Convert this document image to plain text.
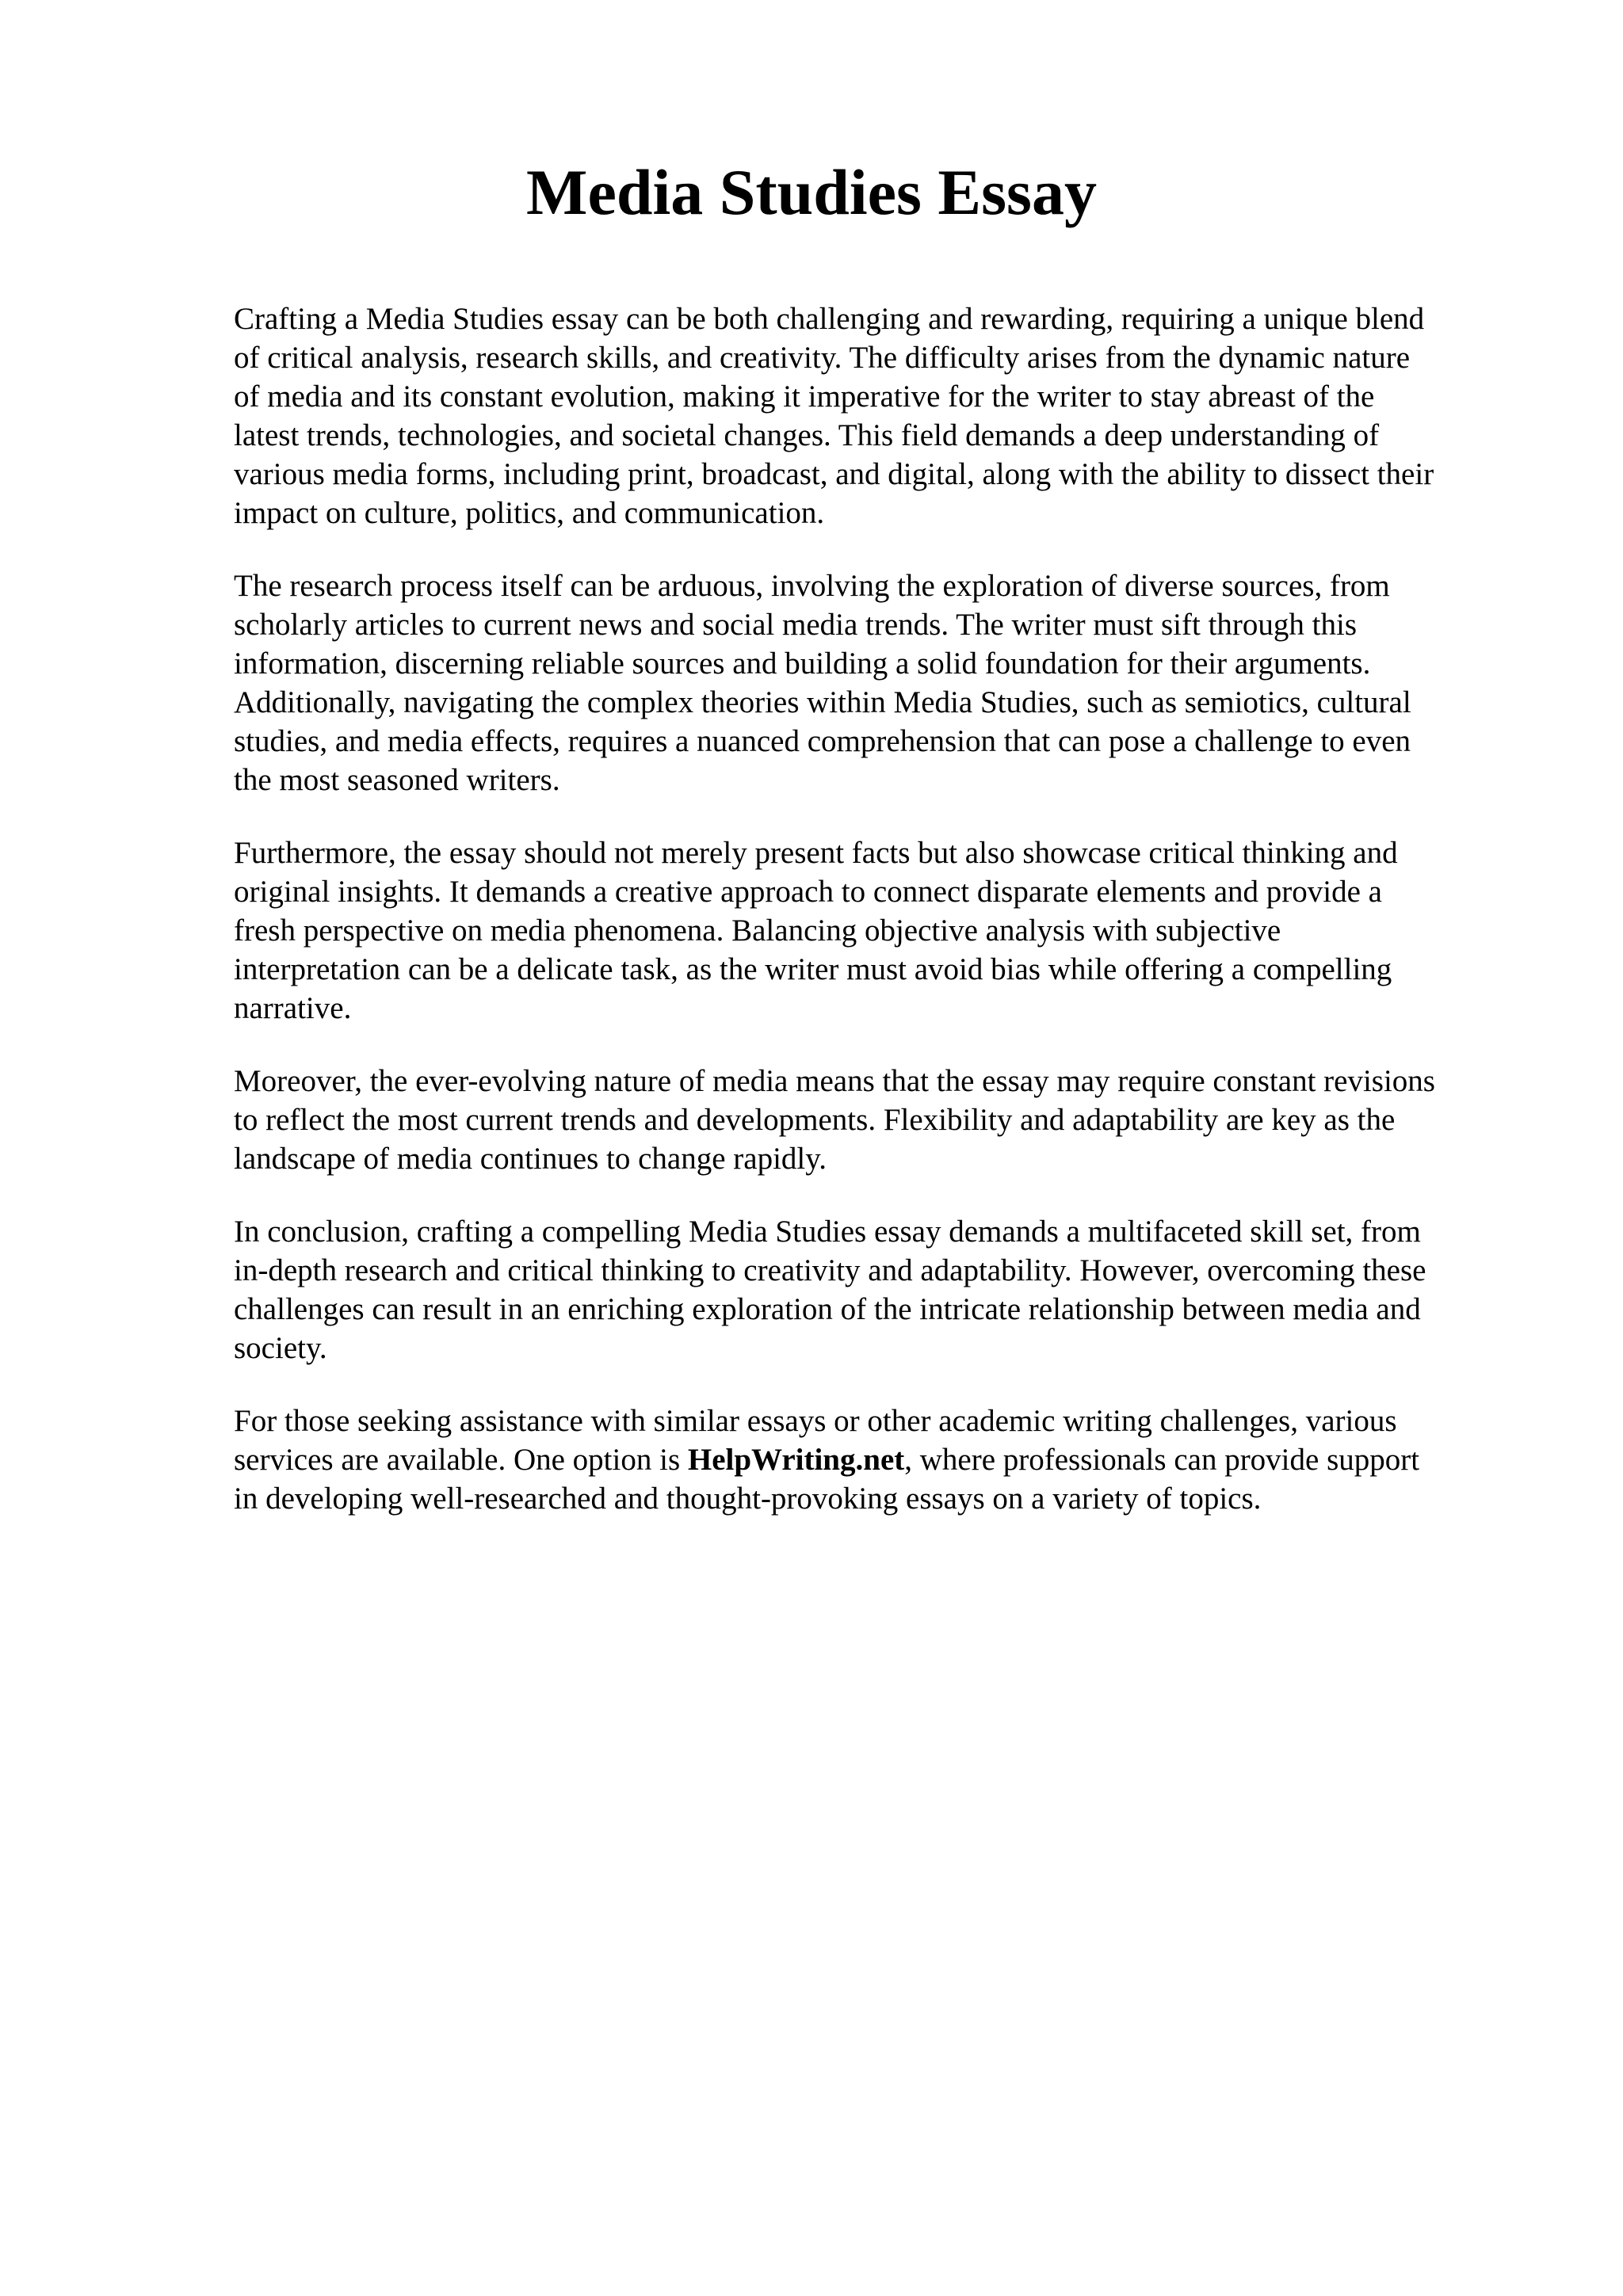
Media Studies Essay

Crafting a Media Studies essay can be both challenging and rewarding, requiring a unique blend
of critical analysis, research skills, and creativity. The difficulty arises from the dynamic nature
of media and its constant evolution, making it imperative for the writer to stay abreast of the
latest trends, technologies, and societal changes. This field demands a deep understanding of
various media forms, including print, broadcast, and digital, along with the ability to dissect their
impact on culture, politics, and communication.

The research process itself can be arduous, involving the exploration of diverse sources, from
scholarly articles to current news and social media trends. The writer must sift through this
information, discerning reliable sources and building a solid foundation for their arguments.
Additionally, navigating the complex theories within Media Studies, such as semiotics, cultural
studies, and media effects, requires a nuanced comprehension that can pose a challenge to even
the most seasoned writers.

Furthermore, the essay should not merely present facts but also showcase critical thinking and
original insights. It demands a creative approach to connect disparate elements and provide a
fresh perspective on media phenomena. Balancing objective analysis with subjective
interpretation can be a delicate task, as the writer must avoid bias while offering a compelling
narrative.

Moreover, the ever-evolving nature of media means that the essay may require constant revisions
to reflect the most current trends and developments. Flexibility and adaptability are key as the
landscape of media continues to change rapidly.

In conclusion, crafting a compelling Media Studies essay demands a multifaceted skill set, from
in-depth research and critical thinking to creativity and adaptability. However, overcoming these
challenges can result in an enriching exploration of the intricate relationship between media and
society.

For those seeking assistance with similar essays or other academic writing challenges, various
services are available. One option is HelpWriting.net, where professionals can provide support
in developing well-researched and thought-provoking essays on a variety of topics.
